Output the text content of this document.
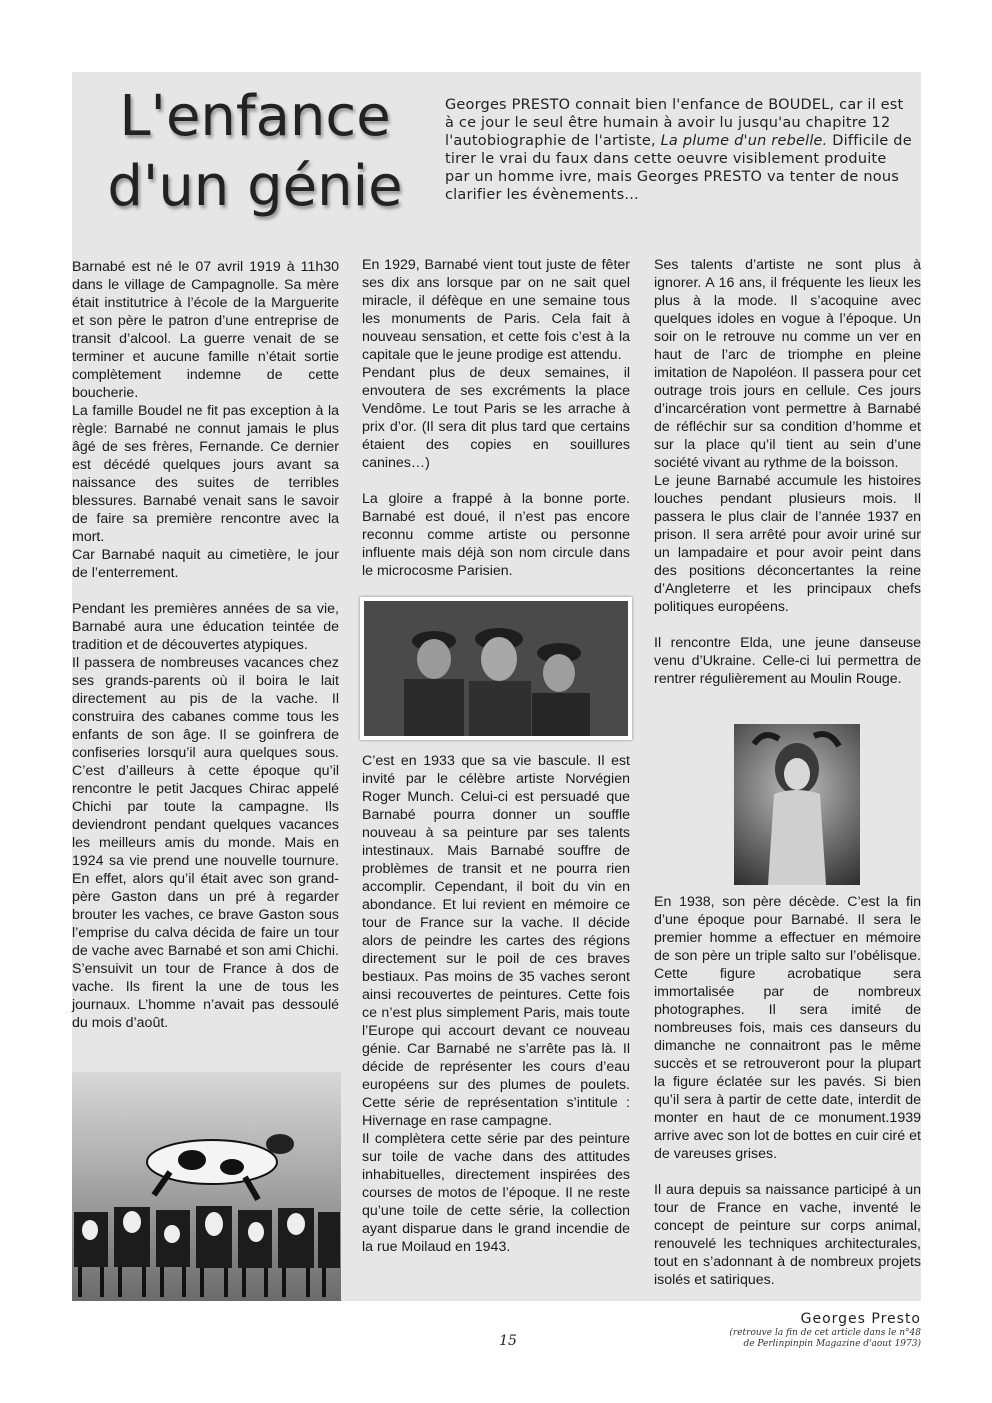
L'enfance
d'un génie
Georges PRESTO connait bien l'enfance de BOUDEL, car il est à ce jour le seul être humain à avoir lu jusqu'au chapitre 12 l'autobiographie de l'artiste, La plume d'un rebelle. Difficile de tirer le vrai du faux dans cette oeuvre visiblement produite par un homme ivre, mais Georges PRESTO va tenter de nous clarifier les évènements...

Barnabé est né le 07 avril 1919 à 11h30 dans le village de Campagnolle. Sa mère était institutrice à l’école de la Marguerite et son père le patron d’une entreprise de transit d’alcool. La guerre venait de se terminer et aucune famille n’était sortie complètement indemne de cette boucherie.

La famille Boudel ne fit pas exception à la règle: Barnabé ne connut jamais le plus âgé de ses frères, Fernande. Ce dernier est décédé quelques jours avant sa naissance des suites de terribles blessures. Barnabé venait sans le savoir de faire sa première rencontre avec la mort.

Car Barnabé naquit au cimetière, le jour de l’enterrement.

Pendant les premières années de sa vie, Barnabé aura une éducation teintée de tradition et de découvertes atypiques.

Il passera de nombreuses vacances chez ses grands-parents où il boira le lait directement au pis de la vache. Il construira des cabanes comme tous les enfants de son âge. Il se goinfrera de confiseries lorsqu’il aura quelques sous. C’est d’ailleurs à cette époque qu’il rencontre le petit Jacques Chirac appelé Chichi par toute la campagne. Ils deviendront pendant quelques vacances les meilleurs amis du monde. Mais en 1924 sa vie prend une nouvelle tournure. En effet, alors qu’il était avec son grand-père Gaston dans un pré à regarder brouter les vaches, ce brave Gaston sous l’emprise du calva décida de faire un tour de vache avec Barnabé et son ami Chichi. S’ensuivit un tour de France à dos de vache. Ils firent la une de tous les journaux. L’homme n’avait pas dessoulé du mois d’août.

En 1929, Barnabé vient tout juste de fêter ses dix ans lorsque par on ne sait quel miracle, il défèque en une semaine tous les monuments de Paris. Cela fait à nouveau sensation, et cette fois c’est à la capitale que le jeune prodige est attendu.

Pendant plus de deux semaines, il envoutera de ses excréments la place Vendôme. Le tout Paris se les arrache à prix d’or. (Il sera dit plus tard que certains étaient des copies en souillures canines…)

La gloire a frappé à la bonne porte. Barnabé est doué, il n’est pas encore reconnu comme artiste ou personne influente mais déjà son nom circule dans le microcosme Parisien.

C’est en 1933 que sa vie bascule. Il est invité par le célèbre artiste Norvégien Roger Munch. Celui-ci est persuadé que Barnabé pourra donner un souffle nouveau à sa peinture par ses talents intestinaux. Mais Barnabé souffre de problèmes de transit et ne pourra rien accomplir. Cependant, il boit du vin en abondance. Et lui revient en mémoire ce tour de France sur la vache. Il décide alors de peindre les cartes des régions directement sur le poil de ces braves bestiaux. Pas moins de 35 vaches seront ainsi recouvertes de peintures. Cette fois ce n’est plus simplement Paris, mais toute l’Europe qui accourt devant ce nouveau génie. Car Barnabé ne s’arrête pas là. Il décide de représenter les cours d’eau européens sur des plumes de poulets. Cette série de représentation s’intitule : Hivernage en rase campagne.

Il complètera cette série par des peinture sur toile de vache dans des attitudes inhabituelles, directement inspirées des courses de motos de l’époque. Il ne reste qu’une toile de cette série, la collection ayant disparue dans le grand incendie de la rue Moilaud en 1943.

Ses talents d’artiste ne sont plus à ignorer. A 16 ans, il fréquente les lieux les plus à la mode. Il s’acoquine avec quelques idoles en vogue à l’époque. Un soir on le retrouve nu comme un ver en haut de l’arc de triomphe en pleine imitation de Napoléon. Il passera pour cet outrage trois jours en cellule. Ces jours d’incarcération vont permettre à Barnabé de réfléchir sur sa condition d’homme et sur la place qu’il tient au sein d’une société vivant au rythme de la boisson.

Le jeune Barnabé accumule les histoires louches pendant plusieurs mois. Il passera le plus clair de l’année 1937 en prison. Il sera arrêté pour avoir uriné sur un lampadaire et pour avoir peint dans des positions déconcertantes la reine d’Angleterre et les principaux chefs politiques européens.

Il rencontre Elda, une jeune danseuse venu d’Ukraine. Celle-ci lui permettra de rentrer régulièrement au Moulin Rouge.

En 1938, son père décède. C’est la fin d’une époque pour Barnabé. Il sera le premier homme a effectuer en mémoire de son père un triple salto sur l’obélisque. Cette figure acrobatique sera immortalisée par de nombreux photographes. Il sera imité de nombreuses fois, mais ces danseurs du dimanche ne connaitront pas le même succès et se retrouveront pour la plupart la figure éclatée sur les pavés. Si bien qu’il sera à partir de cette date, interdit de monter en haut de ce monument.1939 arrive avec son lot de bottes en cuir ciré et de vareuses grises.

Il aura depuis sa naissance participé à un tour de France en vache, inventé le concept de peinture sur corps animal, renouvelé les techniques architecturales, tout en s’adonnant à de nombreux projets isolés et satiriques.

Georges Presto
(retrouve la fin de cet article dans le n°48
de Perlinpinpin Magazine d'aout 1973)
15
